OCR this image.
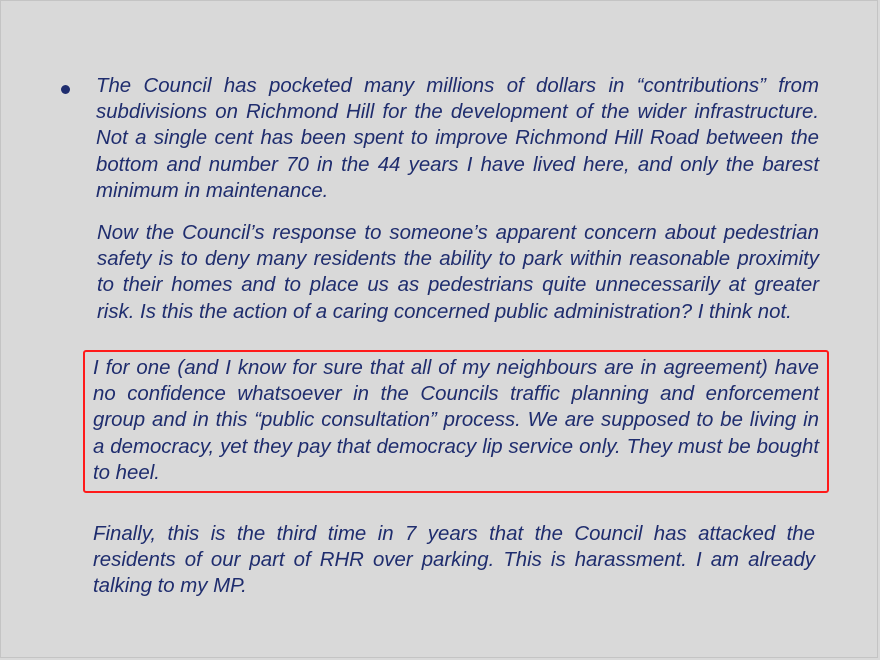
The Council has pocketed many millions of dollars in “contributions” from subdivisions on Richmond Hill for the development of the wider infrastructure. Not a single cent has been spent to improve Richmond Hill Road between the bottom and number 70 in the 44 years I have lived here, and only the barest minimum in maintenance.

Now the Council’s response to someone’s apparent concern about pedestrian safety is to deny many residents the ability to park within reasonable proximity to their homes and to place us as pedestrians quite unnecessarily at greater risk. Is this the action of a caring concerned public administration? I think not.

I for one (and I know for sure that all of my neighbours are in agreement) have no confidence whatsoever in the Councils traffic planning and enforcement group and in this “public consultation” process. We are supposed to be living in a democracy, yet they pay that democracy lip service only. They must be bought to heel.

Finally, this is the third time in 7 years that the Council has attacked the residents of our part of RHR over parking. This is harassment. I am already talking to my MP.
